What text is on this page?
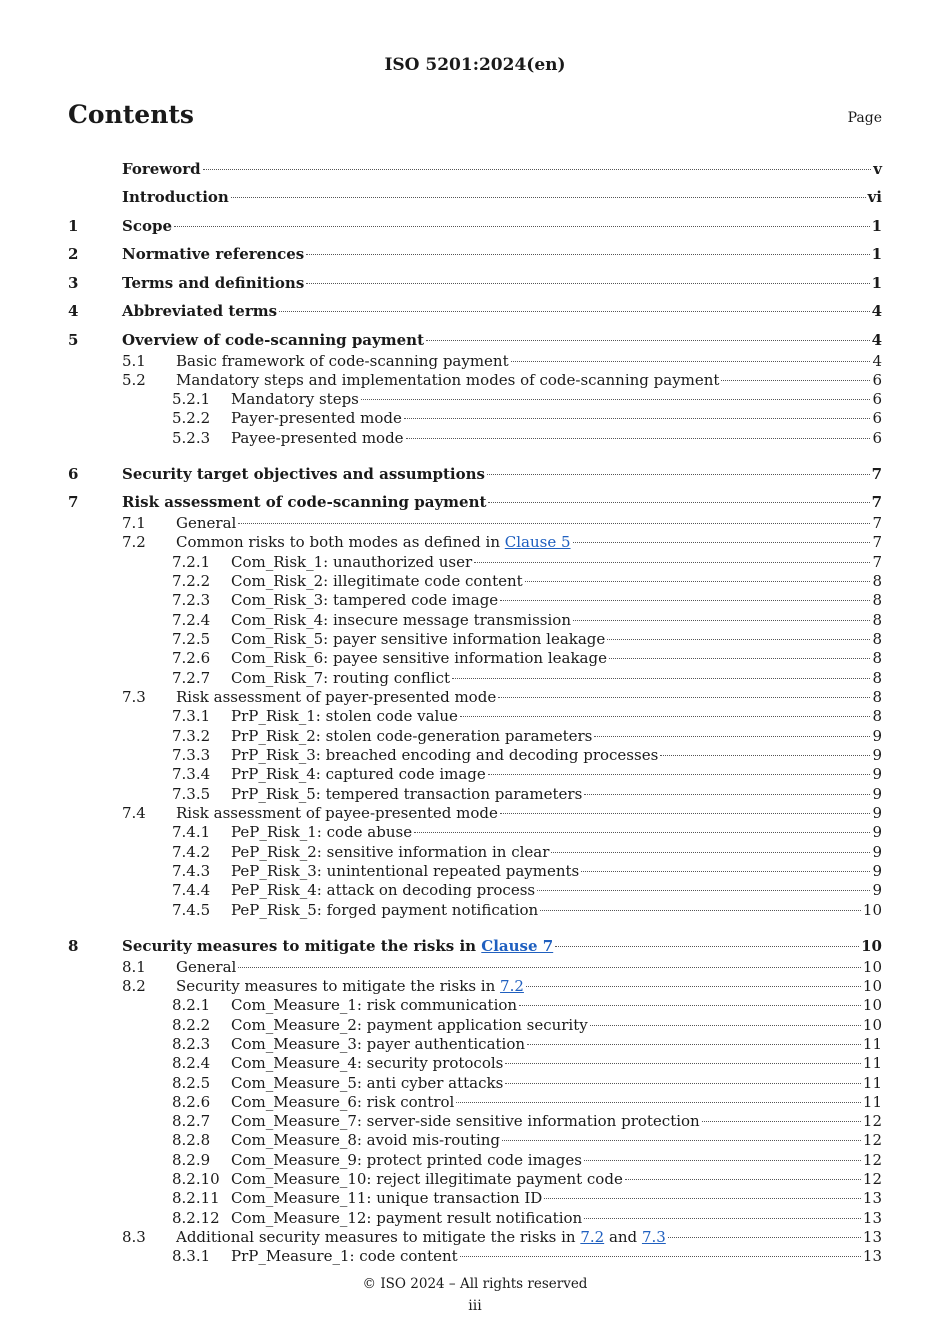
ISO 5201:2024(en)
Contents	Page
Foreword	v
Introduction	vi
1	Scope	1
2	Normative references	1
3	Terms and definitions	1
4	Abbreviated terms	4
5	Overview of code-scanning payment	4
5.1 Basic framework of code-scanning payment	4
5.2 Mandatory steps and implementation modes of code-scanning payment	6
5.2.1 Mandatory steps	6
5.2.2 Payer-presented mode	6
5.2.3 Payee-presented mode	6
6	Security target objectives and assumptions	7
7	Risk assessment of code-scanning payment	7
7.1 General	7
7.2 Common risks to both modes as defined in Clause 5	7
7.2.1 Com_Risk_1: unauthorized user	7
7.2.2 Com_Risk_2: illegitimate code content	8
7.2.3 Com_Risk_3: tampered code image	8
7.2.4 Com_Risk_4: insecure message transmission	8
7.2.5 Com_Risk_5: payer sensitive information leakage	8
7.2.6 Com_Risk_6: payee sensitive information leakage	8
7.2.7 Com_Risk_7: routing conflict	8
7.3 Risk assessment of payer-presented mode	8
7.3.1 PrP_Risk_1: stolen code value	8
7.3.2 PrP_Risk_2: stolen code-generation parameters	9
7.3.3 PrP_Risk_3: breached encoding and decoding processes	9
7.3.4 PrP_Risk_4: captured code image	9
7.3.5 PrP_Risk_5: tempered transaction parameters	9
7.4 Risk assessment of payee-presented mode	9
7.4.1 PeP_Risk_1: code abuse	9
7.4.2 PeP_Risk_2: sensitive information in clear	9
7.4.3 PeP_Risk_3: unintentional repeated payments	9
7.4.4 PeP_Risk_4: attack on decoding process	9
7.4.5 PeP_Risk_5: forged payment notification	10
8	Security measures to mitigate the risks in Clause 7	10
8.1 General	10
8.2 Security measures to mitigate the risks in 7.2	10
8.2.1 Com_Measure_1: risk communication	10
8.2.2 Com_Measure_2: payment application security	10
8.2.3 Com_Measure_3: payer authentication	11
8.2.4 Com_Measure_4: security protocols	11
8.2.5 Com_Measure_5: anti cyber attacks	11
8.2.6 Com_Measure_6: risk control	11
8.2.7 Com_Measure_7: server-side sensitive information protection	12
8.2.8 Com_Measure_8: avoid mis-routing	12
8.2.9 Com_Measure_9: protect printed code images	12
8.2.10 Com_Measure_10: reject illegitimate payment code	12
8.2.11 Com_Measure_11: unique transaction ID	13
8.2.12 Com_Measure_12: payment result notification	13
8.3 Additional security measures to mitigate the risks in 7.2 and 7.3	13
8.3.1 PrP_Measure_1: code content	13
© ISO 2024 – All rights reserved
iii
